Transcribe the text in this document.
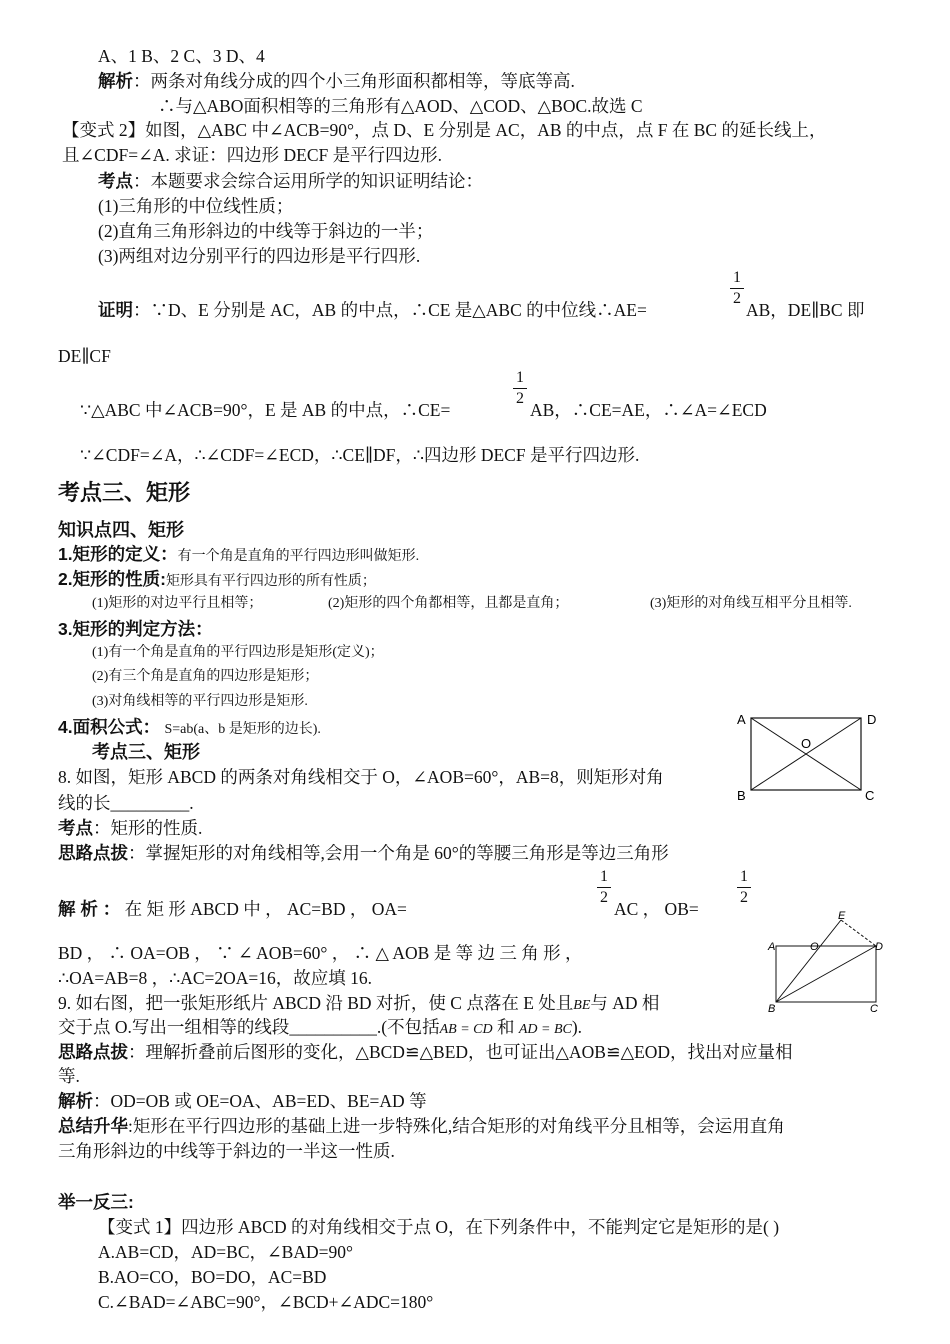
A、1 B、2 C、3 D、4
解析：两条对角线分成的四个小三角形面积都相等，等底等高.
∴与△ABO面积相等的三角形有△AOD、△COD、△BOC.故选 C
【变式 2】如图，△ABC 中∠ACB=90°，点 D、E 分别是 AC，AB 的中点，点 F 在 BC 的延长线上，
且∠CDF=∠A. 求证：四边形 DECF 是平行四边形.
考点：本题要求会综合运用所学的知识证明结论：
(1)三角形的中位线性质；
(2)直角三角形斜边的中线等于斜边的一半；
(3)两组对边分别平行的四边形是平行四形.
证明：∵D、E 分别是 AC，AB 的中点，∴CE 是△ABC 的中位线∴AE=
1
2
AB，DE∥BC 即
DE∥CF
∵△ABC 中∠ACB=90°，E 是 AB 的中点，∴CE=
1
2
AB，∴CE=AE，∴∠A=∠ECD
∵∠CDF=∠A，∴∠CDF=∠ECD，∴CE∥DF，∴四边形 DECF 是平行四边形.
考点三、矩形
知识点四、矩形
1.矩形的定义：有一个角是直角的平行四边形叫做矩形.
2.矩形的性质:矩形具有平行四边形的所有性质；
(1)矩形的对边平行且相等；	(2)矩形的四个角都相等，且都是直角；	(3)矩形的对角线互相平分且相等.
3.矩形的判定方法：
(1)有一个角是直角的平行四边形是矩形(定义)；
(2)有三个角是直角的四边形是矩形；
(3)对角线相等的平行四边形是矩形.
4.面积公式： S=ab(a、b 是矩形的边长).
A	D
B	C
O
考点三、矩形
8. 如图，矩形 ABCD 的两条对角线相交于 O，∠AOB=60°，AB=8，则矩形对角
线的长_________.
考点：矩形的性质.
思路点拔：掌握矩形的对角线相等,会用一个角是 60°的等腰三角形是等边三角形
解 析 ： 在 矩 形 ABCD 中 ， AC=BD ， OA=
1
2
AC ， OB=
1
2
BD ， ∴ OA=OB ， ∵ ∠ AOB=60° ， ∴ △ AOB 是 等 边 三 角 形 ，
∴OA=AB=8 ，∴AC=2OA=16，故应填 16.
E
A	O	D
B	C
9. 如右图，把一张矩形纸片 ABCD 沿 BD 对折，使 C 点落在 E 处且BE与 AD 相
交于点 O.写出一组相等的线段__________.(不包括AB = CD 和 AD = BC).
思路点拔：理解折叠前后图形的变化，△BCD≌△BED，也可证出△AOB≌△EOD，找出对应量相
等.
解析：OD=OB 或 OE=OA、AB=ED、BE=AD 等
总结升华:矩形在平行四边形的基础上进一步特殊化,结合矩形的对角线平分且相等，会运用直角
三角形斜边的中线等于斜边的一半这一性质.
举一反三:
【变式 1】四边形 ABCD 的对角线相交于点 O，在下列条件中，不能判定它是矩形的是( )
A.AB=CD，AD=BC，∠BAD=90°
B.AO=CO，BO=DO，AC=BD
C.∠BAD=∠ABC=90°，∠BCD+∠ADC=180°
